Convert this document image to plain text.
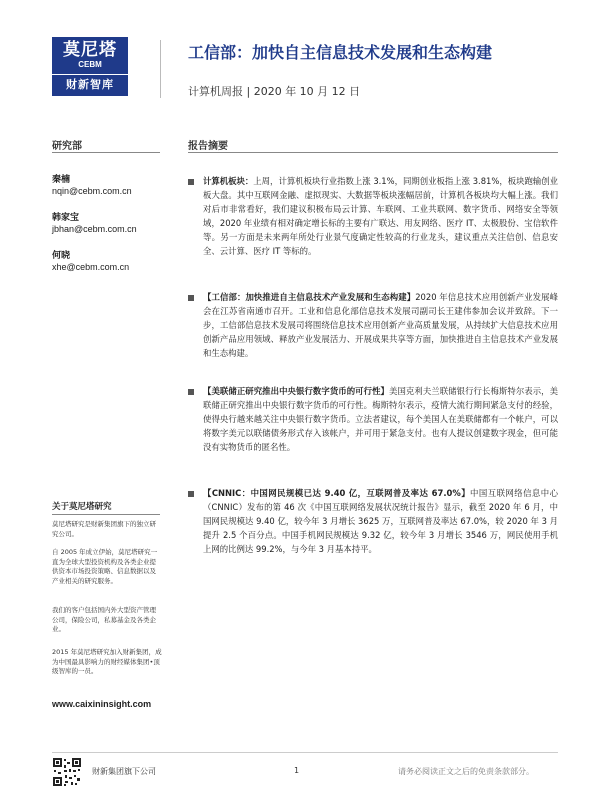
莫尼塔
CEBM
财新智库
工信部：加快自主信息技术发展和生态构建
计算机周报 | 2020 年 10 月 12 日
研究部
秦楠
nqin@cebm.com.cn
韩家宝
jbhan@cebm.com.cn
何晓
xhe@cebm.com.cn
关于莫尼塔研究
莫尼塔研究是财新集团旗下的独立研究公司。
自 2005 年成立伊始，莫尼塔研究一直为全球大型投资机构及各类企业提供资本市场投资策略、信息数据以及产业相关的研究服务。
我们的客户包括国内外大型资产管理公司，保险公司，私募基金及各类企业。
2015 年莫尼塔研究加入财新集团，成为中国最具影响力的财经媒体集团•顶级智库的一员。
www.caixininsight.com
报告摘要
计算机板块：上周，计算机板块行业指数上涨 3.1%，同期创业板指上涨 3.81%，板块跑输创业板大盘。其中互联网金融、虚拟现实、大数据等板块涨幅居前，计算机各板块均大幅上涨。我们对后市非常看好，我们建议积极布局云计算、车联网、工业共联网、数字货币、网络安全等领域，2020 年业绩有相对确定增长标的主要有广联达、用友网络、医疗 IT、太极股份、宝信软件等。另一方面是未来两年所处行业景气度确定性较高的行业龙头，建议重点关注信创、信息安全、云计算、医疗 IT 等标的。
【工信部：加快推进自主信息技术产业发展和生态构建】2020 年信息技术应用创新产业发展峰会在江苏省南通市召开。工业和信息化部信息技术发展司副司长王建伟参加会议并致辞。下一步，工信部信息技术发展司将围绕信息技术应用创新产业高质量发展，从持续扩大信息技术应用创新产品应用领域、释放产业发展活力、开展成果共享等方面，加快推进自主信息技术产业发展和生态构建。
【美联储正研究推出中央银行数字货币的可行性】美国克利夫兰联储银行行长梅斯特尔表示，美联储正研究推出中央银行数字货币的可行性。梅斯特尔表示，疫情大流行期间紧急支付的经验，使得央行越来越关注中央银行数字货币。立法者建议，每个美国人在美联储都有一个帐户，可以将数字美元以联储债务形式存入该帐户，并可用于紧急支付。也有人提议创建数字现金，但可能没有实物货币的匿名性。
【CNNIC：中国网民规模已达 9.40 亿，互联网普及率达 67.0%】中国互联网络信息中心（CNNIC）发布的第 46 次《中国互联网络发展状况统计报告》显示，截至 2020 年 6 月，中国网民规模达 9.40 亿，较今年 3 月增长 3625 万，互联网普及率达 67.0%，较 2020 年 3 月提升 2.5 个百分点。中国手机网民规模达 9.32 亿，较今年 3 月增长 3546 万，网民使用手机上网的比例达 99.2%，与今年 3 月基本持平。
财新集团旗下公司	1	请务必阅读正文之后的免责条款部分。
